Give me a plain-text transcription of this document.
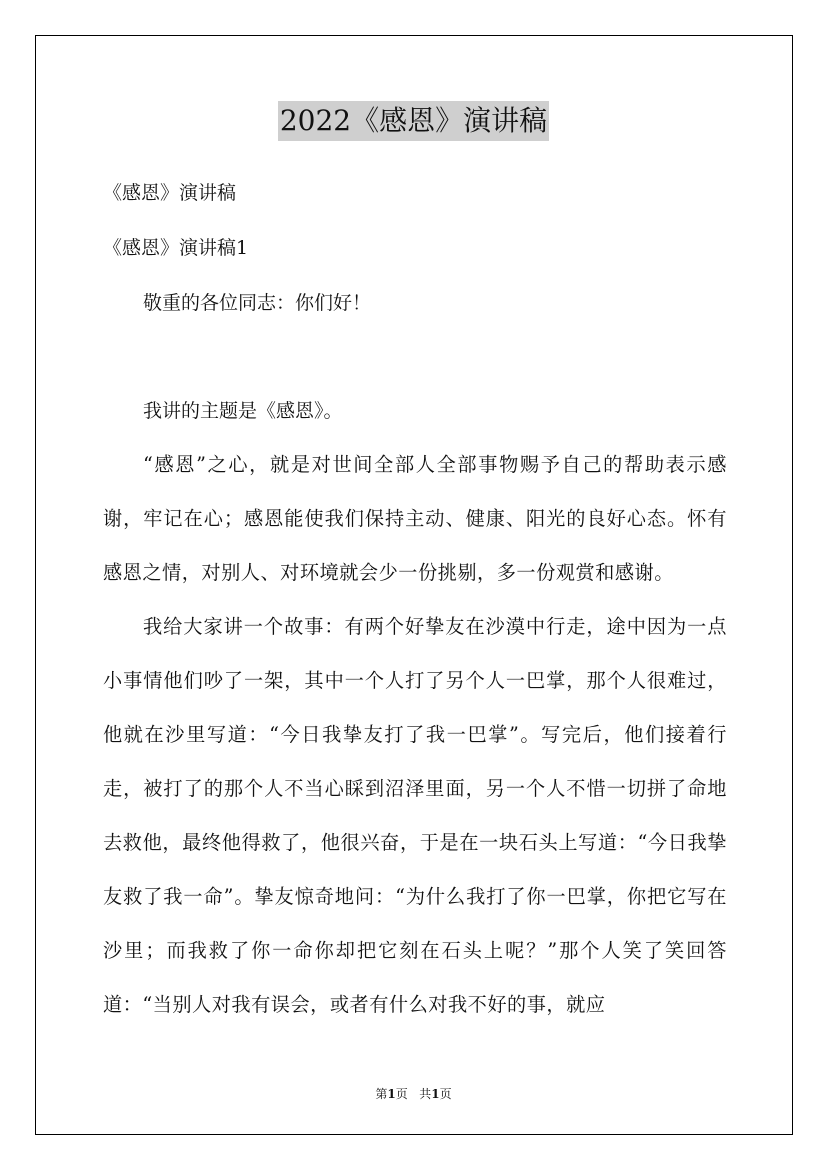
2022《感恩》演讲稿
《感恩》演讲稿
《感恩》演讲稿1
敬重的各位同志：你们好！
我讲的主题是《感恩》。
“感恩”之心，就是对世间全部人全部事物赐予自己的帮助表示感谢，牢记在心；感恩能使我们保持主动、健康、阳光的良好心态。怀有感恩之情，对别人、对环境就会少一份挑剔，多一份观赏和感谢。
我给大家讲一个故事：有两个好挚友在沙漠中行走，途中因为一点小事情他们吵了一架，其中一个人打了另个人一巴掌，那个人很难过，他就在沙里写道：“今日我挚友打了我一巴掌”。写完后，他们接着行走，被打了的那个人不当心睬到沼泽里面，另一个人不惜一切拼了命地去救他，最终他得救了，他很兴奋，于是在一块石头上写道：“今日我挚友救了我一命”。挚友惊奇地问：“为什么我打了你一巴掌，你把它写在沙里；而我救了你一命你却把它刻在石头上呢？”那个人笑了笑回答道：“当别人对我有误会，或者有什么对我不好的事，就应
第1页 共1页
